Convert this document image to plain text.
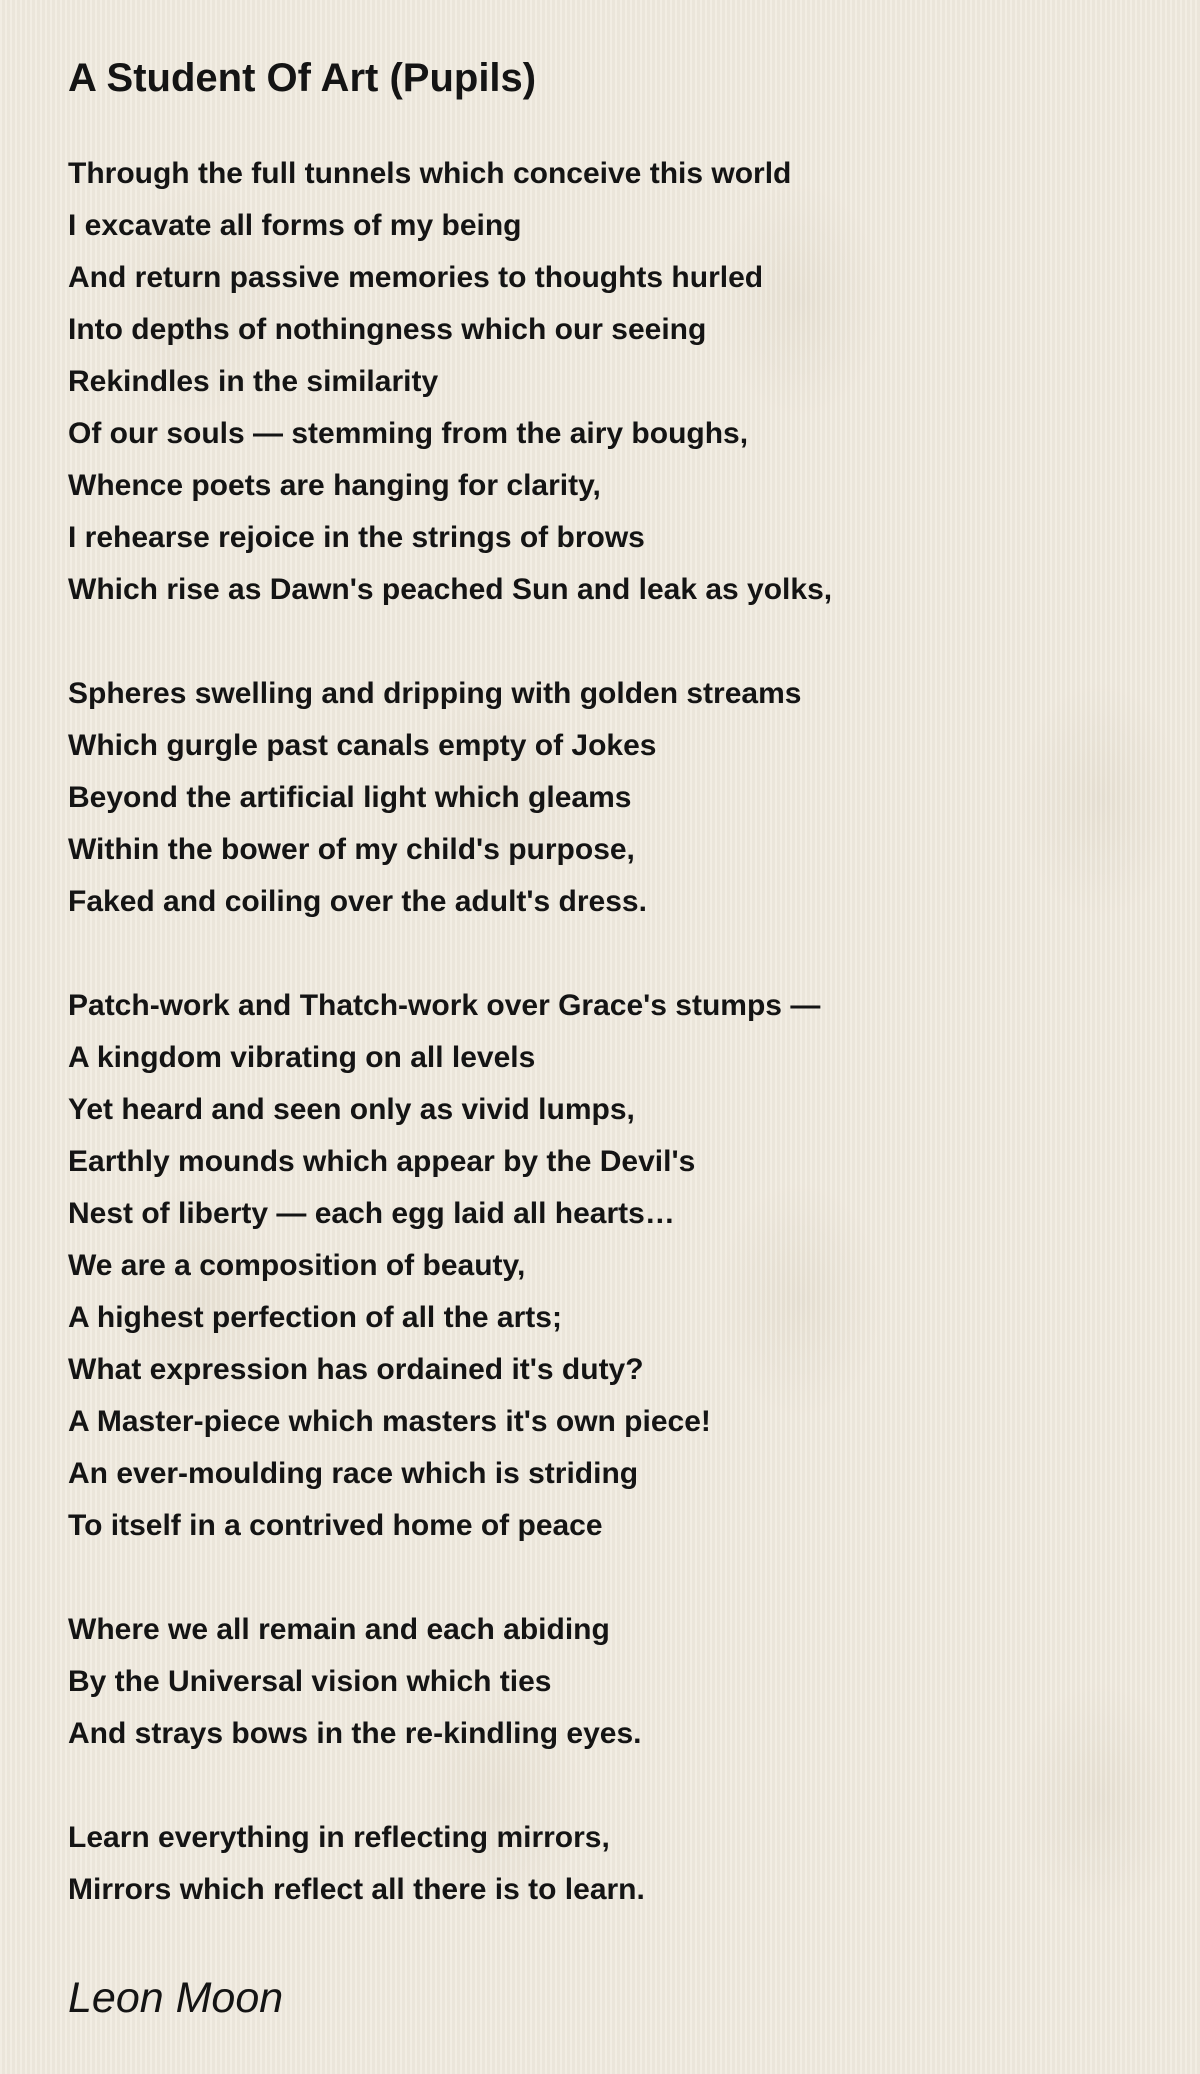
A Student Of Art (Pupils)
Through the full tunnels which conceive this world
I excavate all forms of my being
And return passive memories to thoughts hurled
Into depths of nothingness which our seeing
Rekindles in the similarity
Of our souls — stemming from the airy boughs,
Whence poets are hanging for clarity,
I rehearse rejoice in the strings of brows
Which rise as Dawn's peached Sun and leak as yolks,
Spheres swelling and dripping with golden streams
Which gurgle past canals empty of Jokes
Beyond the artificial light which gleams
Within the bower of my child's purpose,
Faked and coiling over the adult's dress.
Patch-work and Thatch-work over Grace's stumps —
A kingdom vibrating on all levels
Yet heard and seen only as vivid lumps,
Earthly mounds which appear by the Devil's
Nest of liberty — each egg laid all hearts…
We are a composition of beauty,
A highest perfection of all the arts;
What expression has ordained it's duty?
A Master-piece which masters it's own piece!
An ever-moulding race which is striding
To itself in a contrived home of peace
Where we all remain and each abiding
By the Universal vision which ties
And strays bows in the re-kindling eyes.
Learn everything in reflecting mirrors,
Mirrors which reflect all there is to learn.
Leon Moon
